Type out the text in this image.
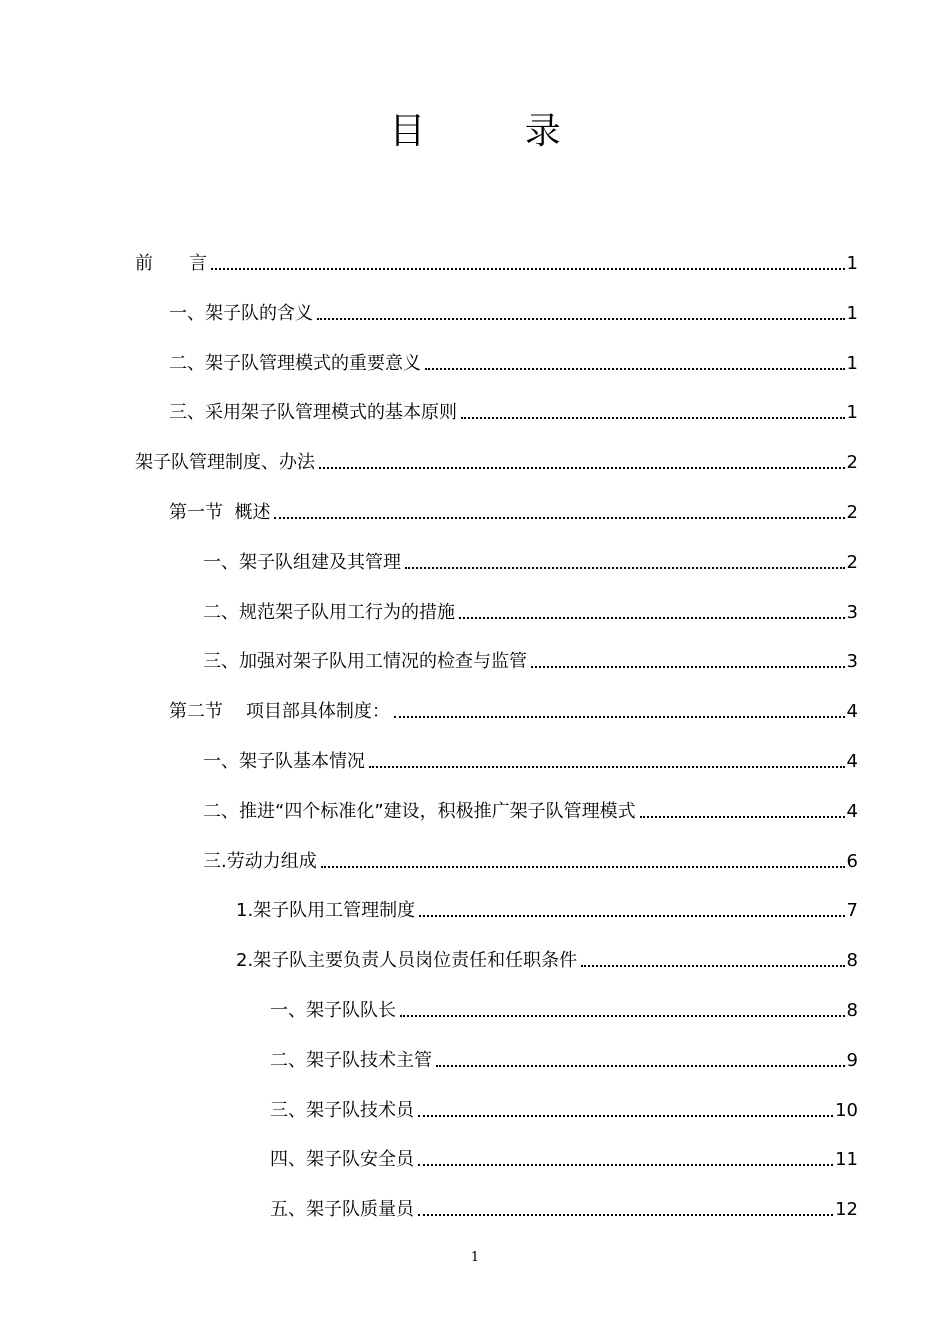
目 录
前　　言	1
一、架子队的含义	1
二、架子队管理模式的重要意义	1
三、采用架子队管理模式的基本原则	1
架子队管理制度、办法	2
第一节  概述	2
一、架子队组建及其管理	2
二、规范架子队用工行为的措施	3
三、加强对架子队用工情况的检查与监管	3
第二节    项目部具体制度：	4
一、架子队基本情况	4
二、推进“四个标准化”建设，积极推广架子队管理模式	4
三.劳动力组成	6
1.架子队用工管理制度	7
2.架子队主要负责人员岗位责任和任职条件	8
一、架子队队长	8
二、架子队技术主管	9
三、架子队技术员	10
四、架子队安全员	11
五、架子队质量员	12
1
